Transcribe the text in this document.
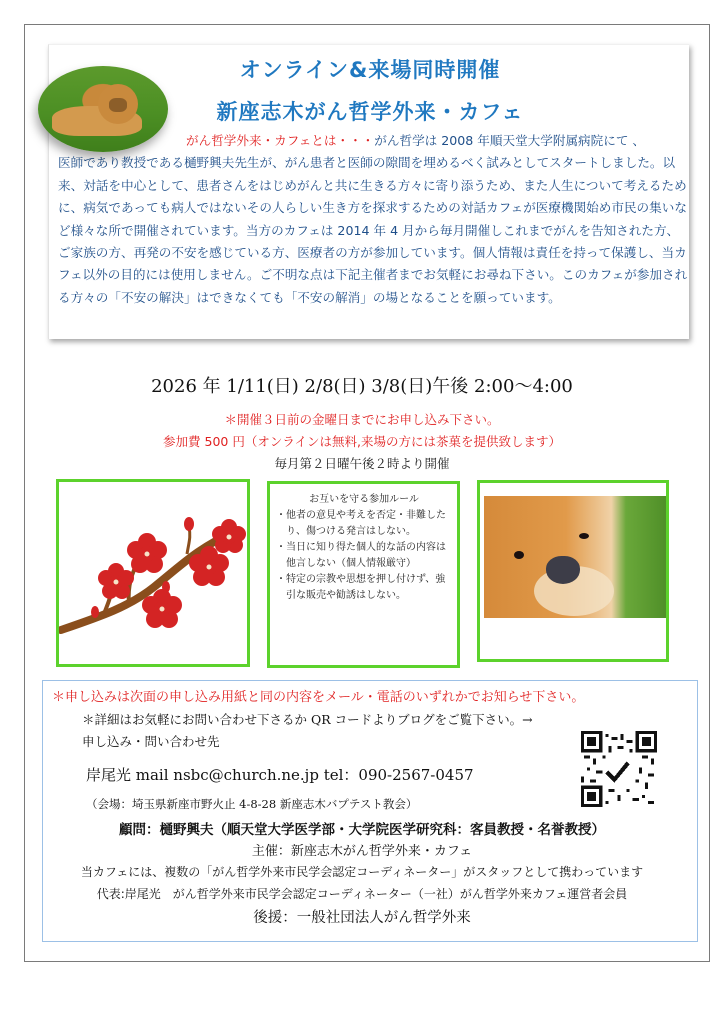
オンライン&来場同時開催
新座志木がん哲学外来・カフェ
がん哲学外来・カフェとは・・・がん哲学は 2008 年順天堂大学附属病院にて 、
医師であり教授である樋野興夫先生が、がん患者と医師の隙間を埋めるべく試みとしてスタートしました。以来、対話を中心として、患者さんをはじめがんと共に生きる方々に寄り添うため、また人生について考えるために、病気であっても病人ではないその人らしい生き方を探求するための対話カフェが医療機関始め市民の集いなど様々な所で開催されています。当方のカフェは 2014 年 4 月から毎月開催しこれまでがんを告知された方、ご家族の方、再発の不安を感じている方、医療者の方が参加しています。個人情報は責任を持って保護し、当カフェ以外の目的には使用しません。ご不明な点は下記主催者までお気軽にお尋ね下さい。このカフェが参加される方々の「不安の解決」はできなくても「不安の解消」の場となることを願っています。
2026 年 1/11(日) 2/8(日) 3/8(日)午後 2:00～4:00
＊開催３日前の金曜日までにお申し込み下さい。
参加費 500 円（オンラインは無料,来場の方には茶菓を提供致します）
毎月第２日曜午後２時より開催
お互いを守る参加ルール
・他者の意見や考えを否定・非難したり、傷つける発言はしない。
・当日に知り得た個人的な話の内容は他言しない（個人情報厳守）
・特定の宗教や思想を押し付けず、強引な販売や勧誘はしない。
＊申し込みは次面の申し込み用紙と同の内容をメール・電話のいずれかでお知らせ下さい。
＊詳細はお気軽にお問い合わせ下さるか QR コードよりブログをご覧下さい。→
申し込み・問い合わせ先
岸尾光 mail nsbc@church.ne.jp tel：090-2567-0457
（会場：埼玉県新座市野火止 4-8-28 新座志木バプテスト教会）
顧問：樋野興夫（順天堂大学医学部・大学院医学研究科：客員教授・名誉教授）
主催：新座志木がん哲学外来・カフェ
当カフェには、複数の「がん哲学外来市民学会認定コーディネーター」がスタッフとして携わっています
代表:岸尾光　がん哲学外来市民学会認定コーディネーター（一社）がん哲学外来カフェ運営者会員
後援：一般社団法人がん哲学外来
